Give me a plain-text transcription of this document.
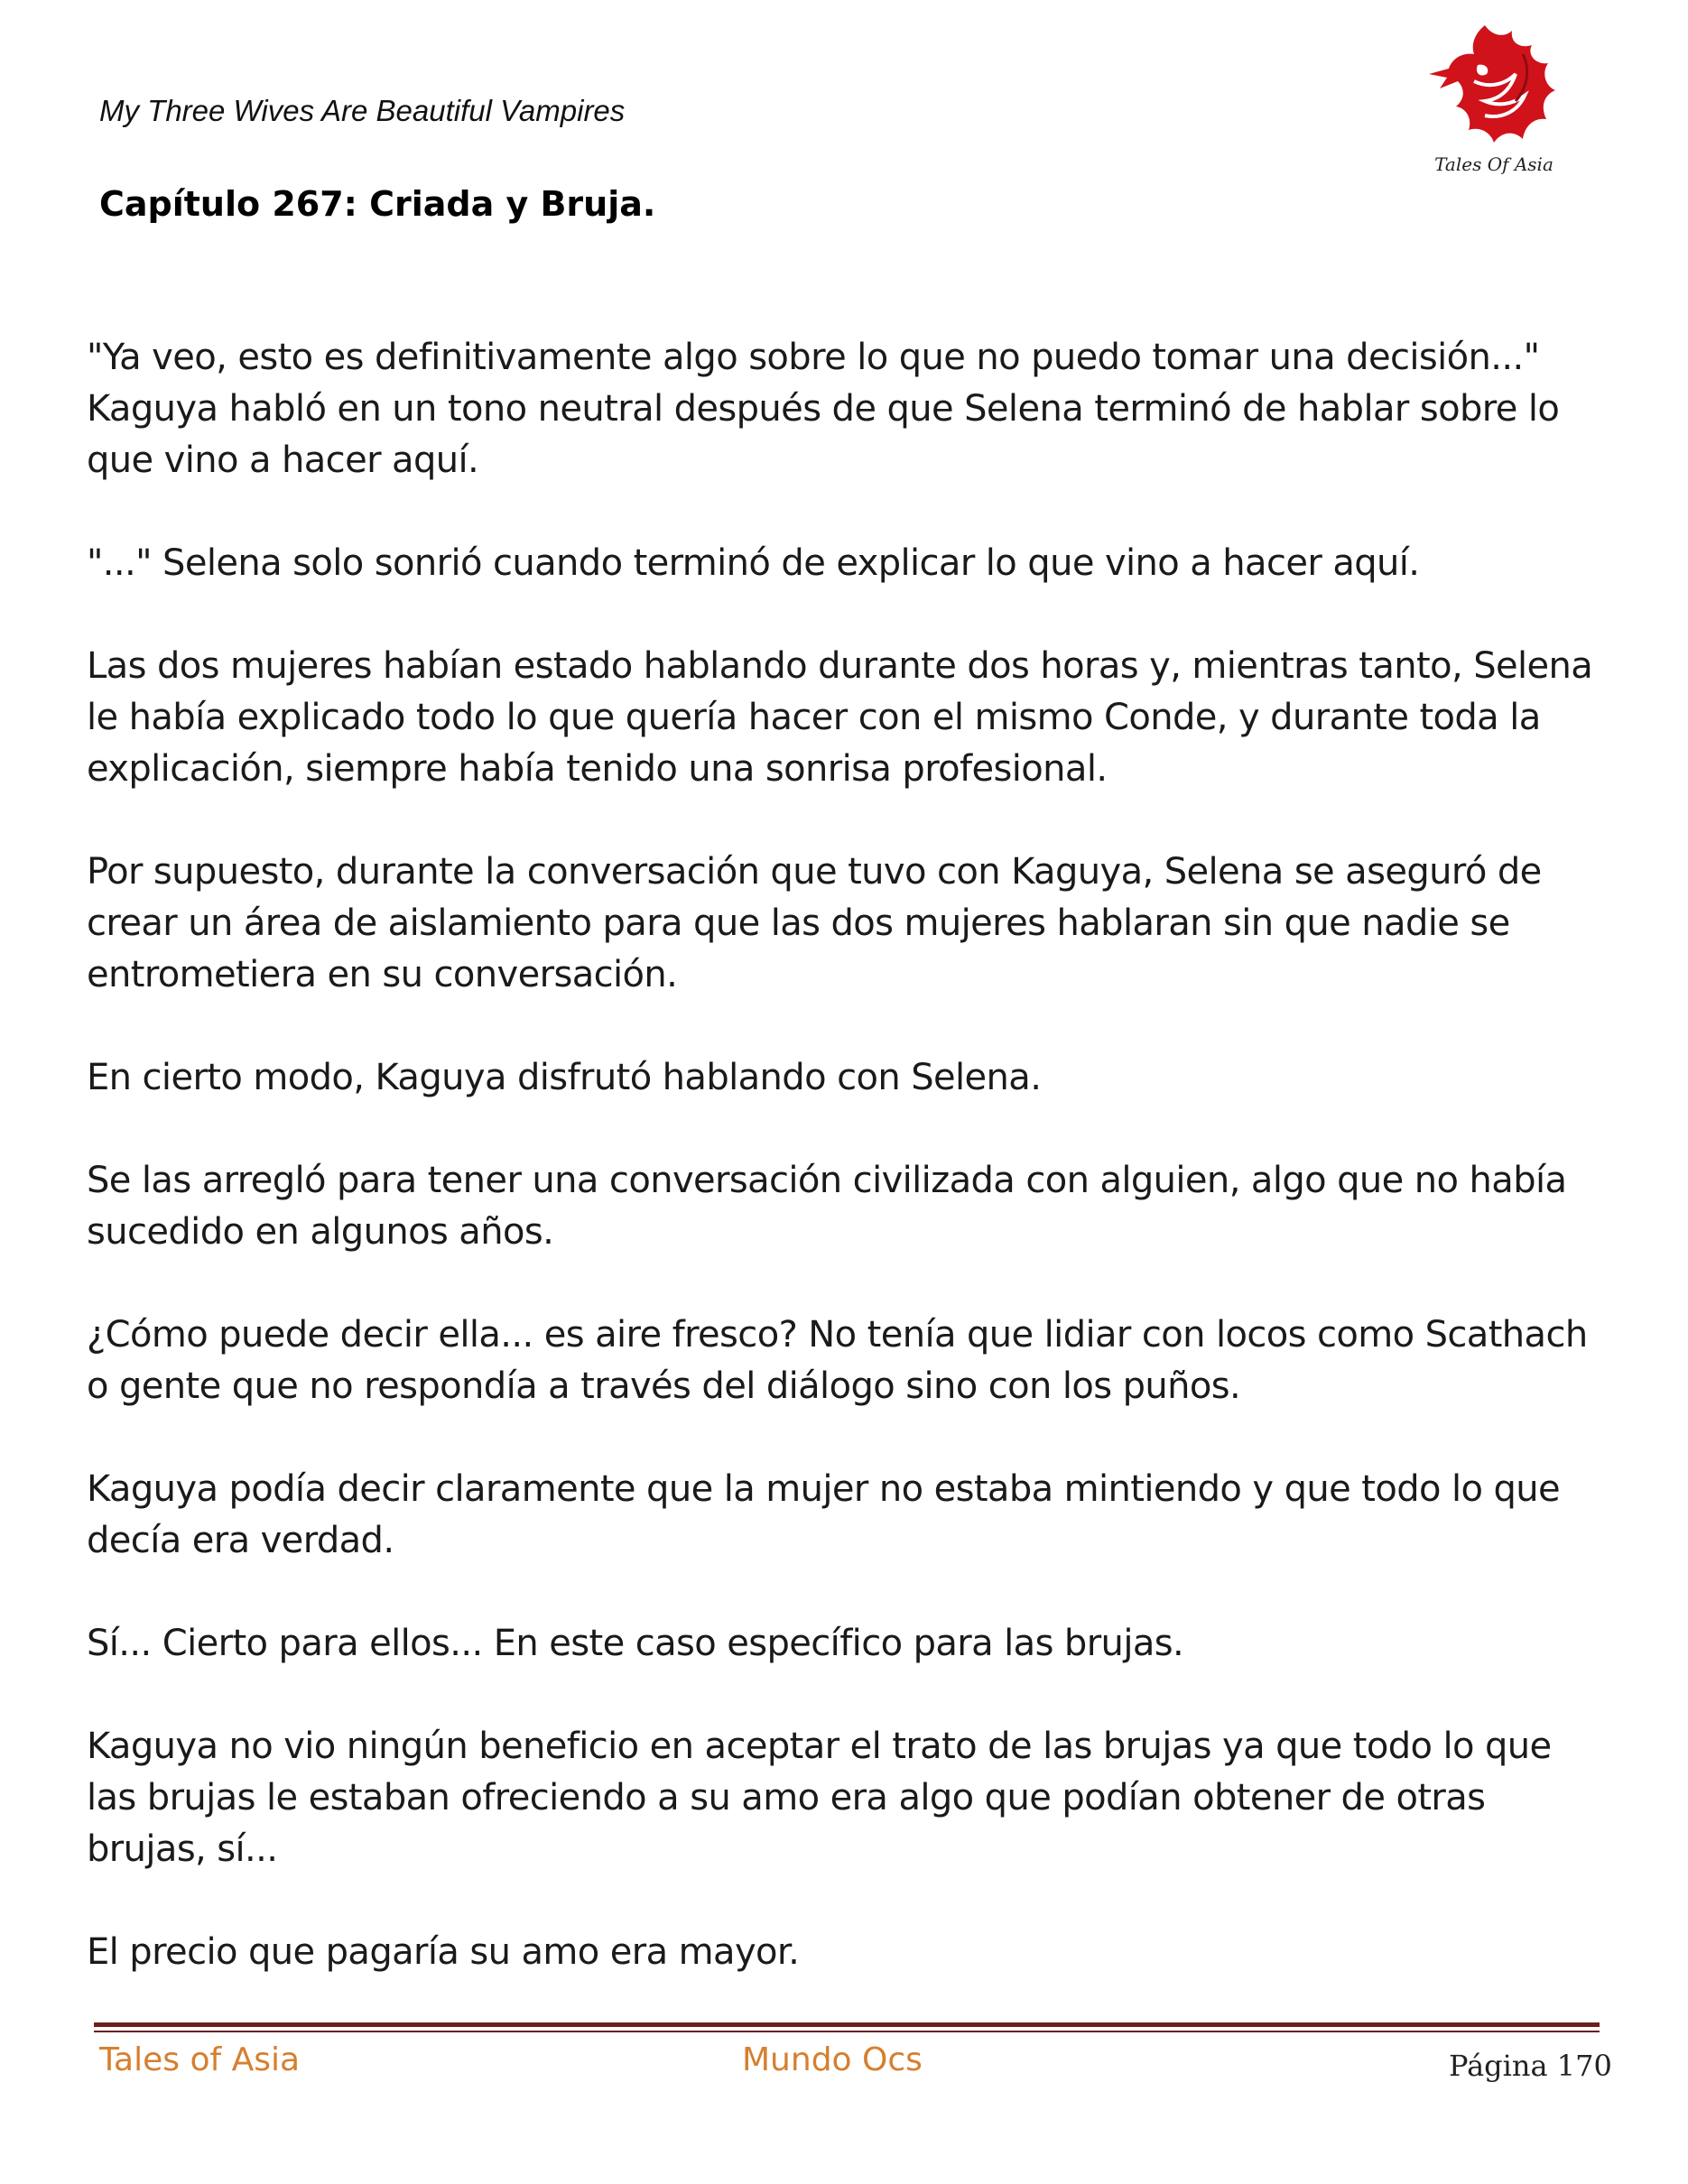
My Three Wives Are Beautiful Vampires
Capítulo 267: Criada y Bruja.
Tales Of Asia

"Ya veo, esto es definitivamente algo sobre lo que no puedo tomar una decisión..." Kaguya habló en un tono neutral después de que Selena terminó de hablar sobre lo que vino a hacer aquí.

"..." Selena solo sonrió cuando terminó de explicar lo que vino a hacer aquí.

Las dos mujeres habían estado hablando durante dos horas y, mientras tanto, Selena le había explicado todo lo que quería hacer con el mismo Conde, y durante toda la explicación, siempre había tenido una sonrisa profesional.

Por supuesto, durante la conversación que tuvo con Kaguya, Selena se aseguró de crear un área de aislamiento para que las dos mujeres hablaran sin que nadie se entrometiera en su conversación.

En cierto modo, Kaguya disfrutó hablando con Selena.

Se las arregló para tener una conversación civilizada con alguien, algo que no había sucedido en algunos años.

¿Cómo puede decir ella... es aire fresco? No tenía que lidiar con locos como Scathach o gente que no respondía a través del diálogo sino con los puños.

Kaguya podía decir claramente que la mujer no estaba mintiendo y que todo lo que decía era verdad.

Sí... Cierto para ellos... En este caso específico para las brujas.

Kaguya no vio ningún beneficio en aceptar el trato de las brujas ya que todo lo que las brujas le estaban ofreciendo a su amo era algo que podían obtener de otras brujas, sí...

El precio que pagaría su amo era mayor.

Tales of Asia	Mundo Ocs	Página 170
